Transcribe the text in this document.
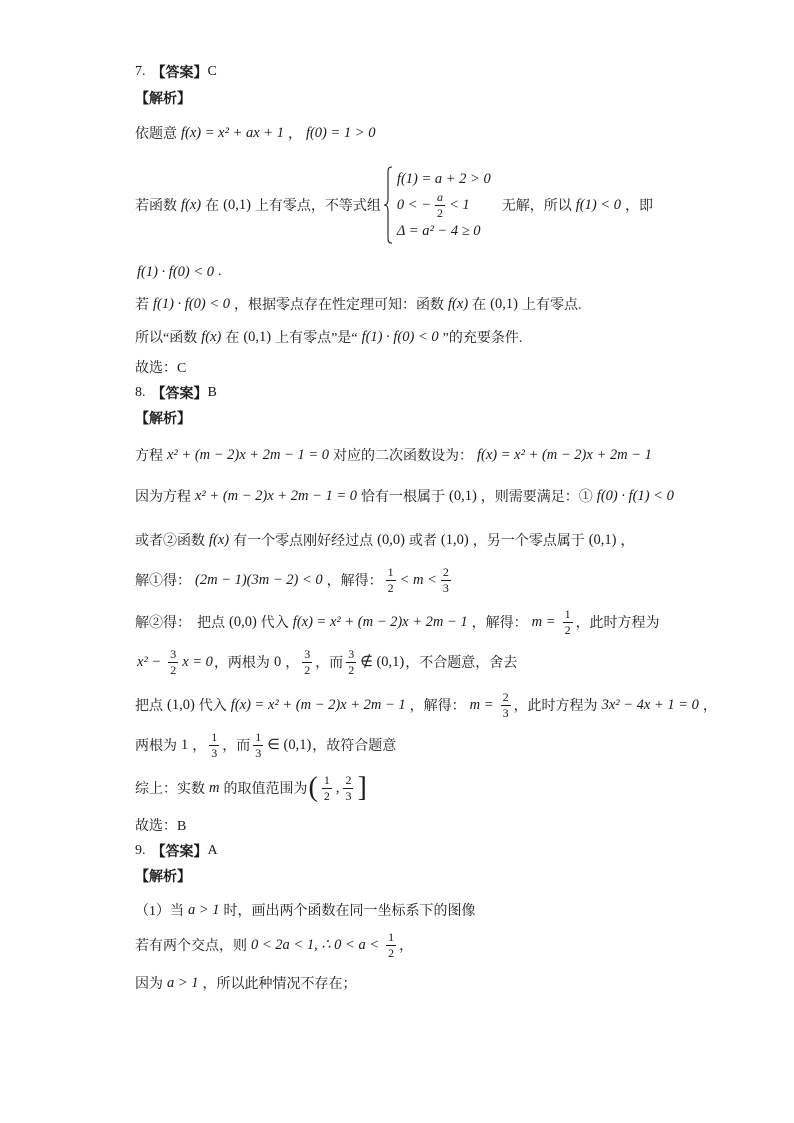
7. 【答案】 C
【解析】
依题意 f(x) = x² + ax + 1 ， f(0) = 1 > 0
若函数 f(x) 在 (0,1) 上有零点，不等式组
f(1) = a + 2 > 0
0 < − $\frac{a}{2} < 1$
Δ = a² − 4 ≥ 0
无解，所以 f(1) < 0 ，即
f(1) · f(0) < 0 .
若 f(1) · f(0) < 0 ，根据零点存在性定理可知：函数 f(x) 在 (0,1) 上有零点.
所以“函数 f(x) 在 (0,1) 上有零点”是“ f(1) · f(0) < 0 ”的充要条件.
故选：C
8. 【答案】 B
【解析】
方程 x² + (m − 2)x + 2m − 1 = 0 对应的二次函数设为： f(x) = x² + (m − 2)x + 2m − 1
因为方程 x² + (m − 2)x + 2m − 1 = 0 恰有一根属于 (0,1) ，则需要满足：① f(0) · f(1) < 0
或者②函数 f(x) 有一个零点刚好经过点 (0,0) 或者 (1,0) ，另一个零点属于 (0,1) ，
解①得： (2m − 1)(3m − 2) < 0 ，解得： $\frac{1}{2} < m < \frac{2}{3}$
解②得： 把点 (0,0) 代入 f(x) = x² + (m − 2)x + 2m − 1 ，解得： $m = \frac{1}{2}$ ，此时方程为
$x^2 - \frac{3}{2}$ x = 0 ，两根为 0 ， $\frac{3}{2}$ ，而 $\frac{3}{2}$ ∉ (0,1) ，不合题意，舍去
把点 (1,0) 代入 f(x) = x² + (m − 2)x + 2m − 1 ，解得： $m = \frac{2}{3}$ ，此时方程为 3x² − 4x + 1 = 0 ，
两根为 1 ， $\frac{1}{3}$ ，而 $\frac{1}{3}$ ∈ (0,1) ，故符合题意
综上：实数 m 的取值范围为 ( $\frac{1}{2}$ , $\frac{2}{3}$ ]
故选：B
9. 【答案】 A
【解析】
（1）当 a > 1 时，画出两个函数在同一坐标系下的图像
若有两个交点，则 0 < 2a < 1, ∴ $0 < a < \frac{1}{2}$ ，
因为 a > 1 ，所以此种情况不存在；
